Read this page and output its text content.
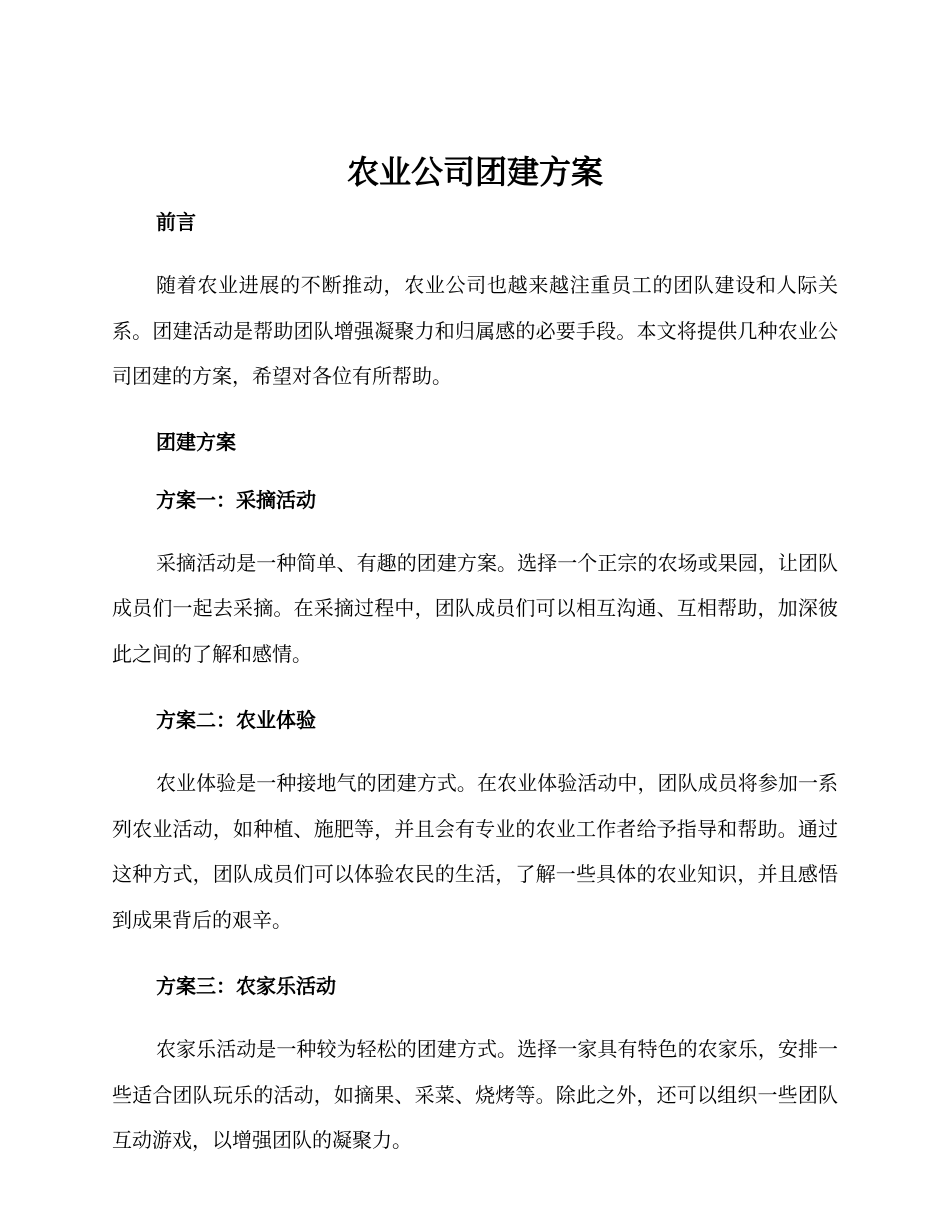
农业公司团建方案
前言

随着农业进展的不断推动，农业公司也越来越注重员工的团队建设和人际关系。团建活动是帮助团队增强凝聚力和归属感的必要手段。本文将提供几种农业公司团建的方案，希望对各位有所帮助。

团建方案
方案一：采摘活动

采摘活动是一种简单、有趣的团建方案。选择一个正宗的农场或果园，让团队成员们一起去采摘。在采摘过程中，团队成员们可以相互沟通、互相帮助，加深彼此之间的了解和感情。

方案二：农业体验

农业体验是一种接地气的团建方式。在农业体验活动中，团队成员将参加一系列农业活动，如种植、施肥等，并且会有专业的农业工作者给予指导和帮助。通过这种方式，团队成员们可以体验农民的生活，了解一些具体的农业知识，并且感悟到成果背后的艰辛。

方案三：农家乐活动

农家乐活动是一种较为轻松的团建方式。选择一家具有特色的农家乐，安排一些适合团队玩乐的活动，如摘果、采菜、烧烤等。除此之外，还可以组织一些团队互动游戏，以增强团队的凝聚力。
